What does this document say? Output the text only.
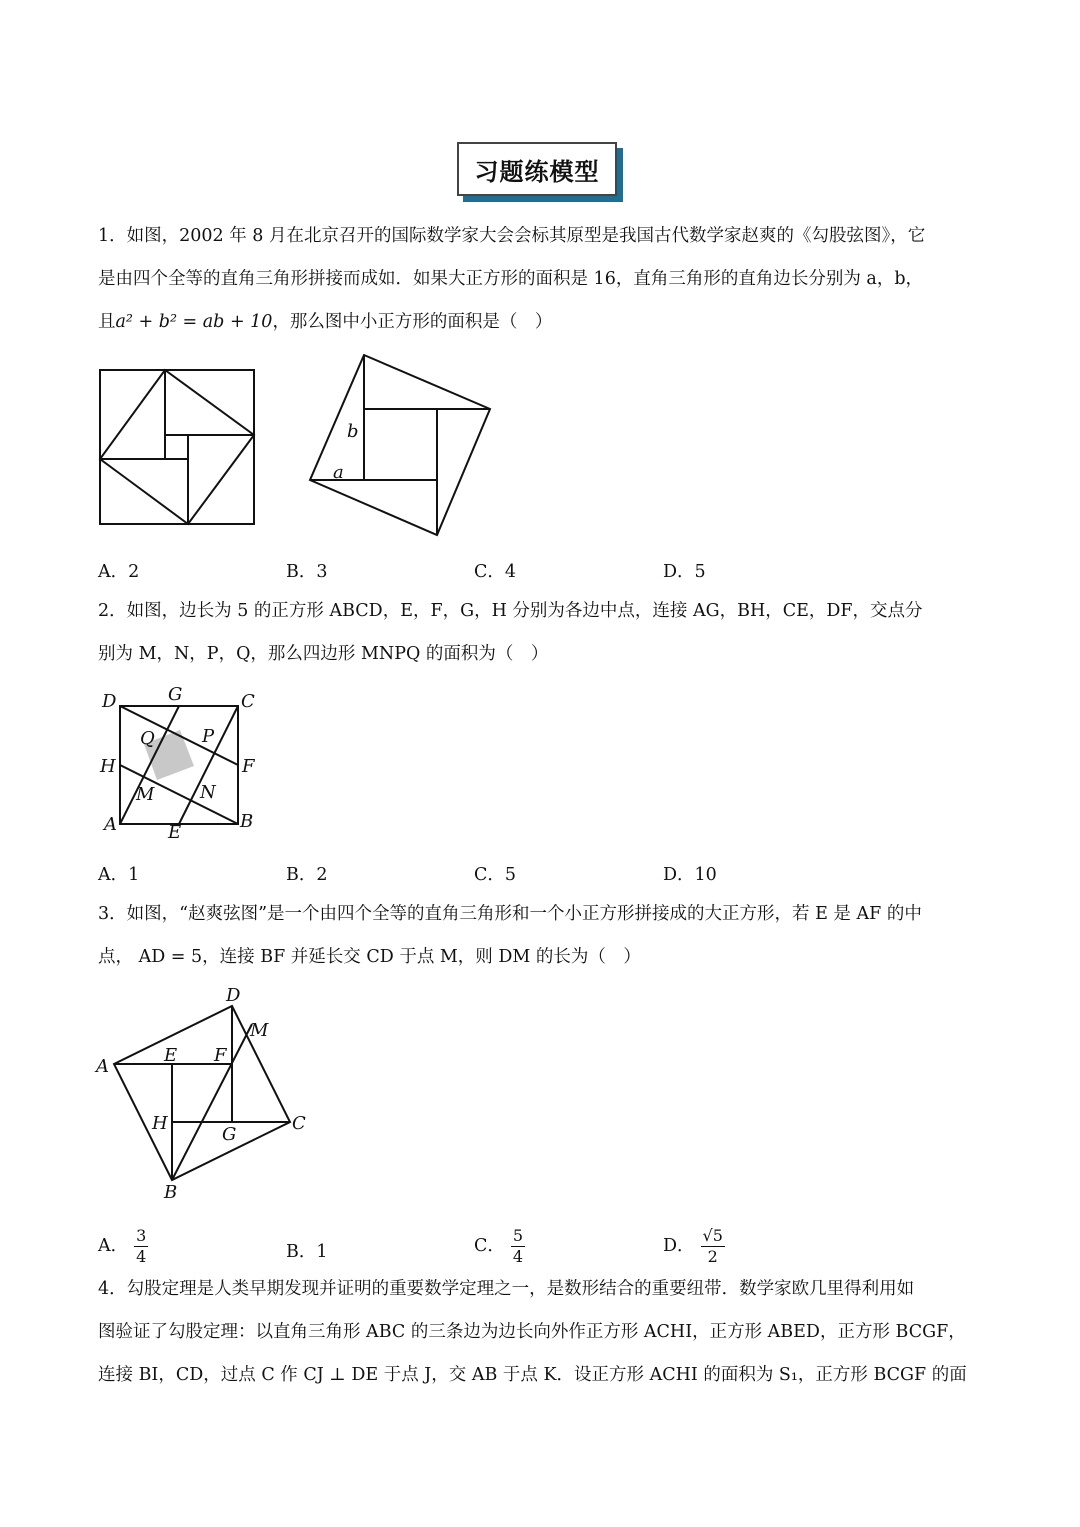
习题练模型
1．如图，2002 年 8 月在北京召开的国际数学家大会会标其原型是我国古代数学家赵爽的《勾股弦图》，它
是由四个全等的直角三角形拼接而成如．如果大正方形的面积是 16，直角三角形的直角边长分别为 a，b，
且a² + b² = ab + 10，那么图中小正方形的面积是（　）
b
a
A．2	B．3	C．4	D．5
2．如图，边长为 5 的正方形 ABCD，E，F，G，H 分别为各边中点，连接 AG，BH，CE，DF，交点分
别为 M，N，P，Q，那么四边形 MNPQ 的面积为（　）
D	G	C
Q	P
H	F
M	N
A	E
B
A．1	B．2	C．5	D．10
3．如图，“赵爽弦图”是一个由四个全等的直角三角形和一个小正方形拼接成的大正方形，若 E 是 AF 的中
点， AD = 5，连接 BF 并延长交 CD 于点 M，则 DM 的长为（　）
D
M
A
E F
H
G
C
B
A． $\frac{3}{4}$	B．1	C． $\frac{5}{4}$	D． $\frac{√5}{2}$
4．勾股定理是人类早期发现并证明的重要数学定理之一，是数形结合的重要纽带．数学家欧几里得利用如
图验证了勾股定理：以直角三角形 ABC 的三条边为边长向外作正方形 ACHI，正方形 ABED，正方形 BCGF，
连接 BI，CD，过点 C 作 CJ ⊥ DE 于点 J，交 AB 于点 K．设正方形 ACHI 的面积为 S₁，正方形 BCGF 的面
